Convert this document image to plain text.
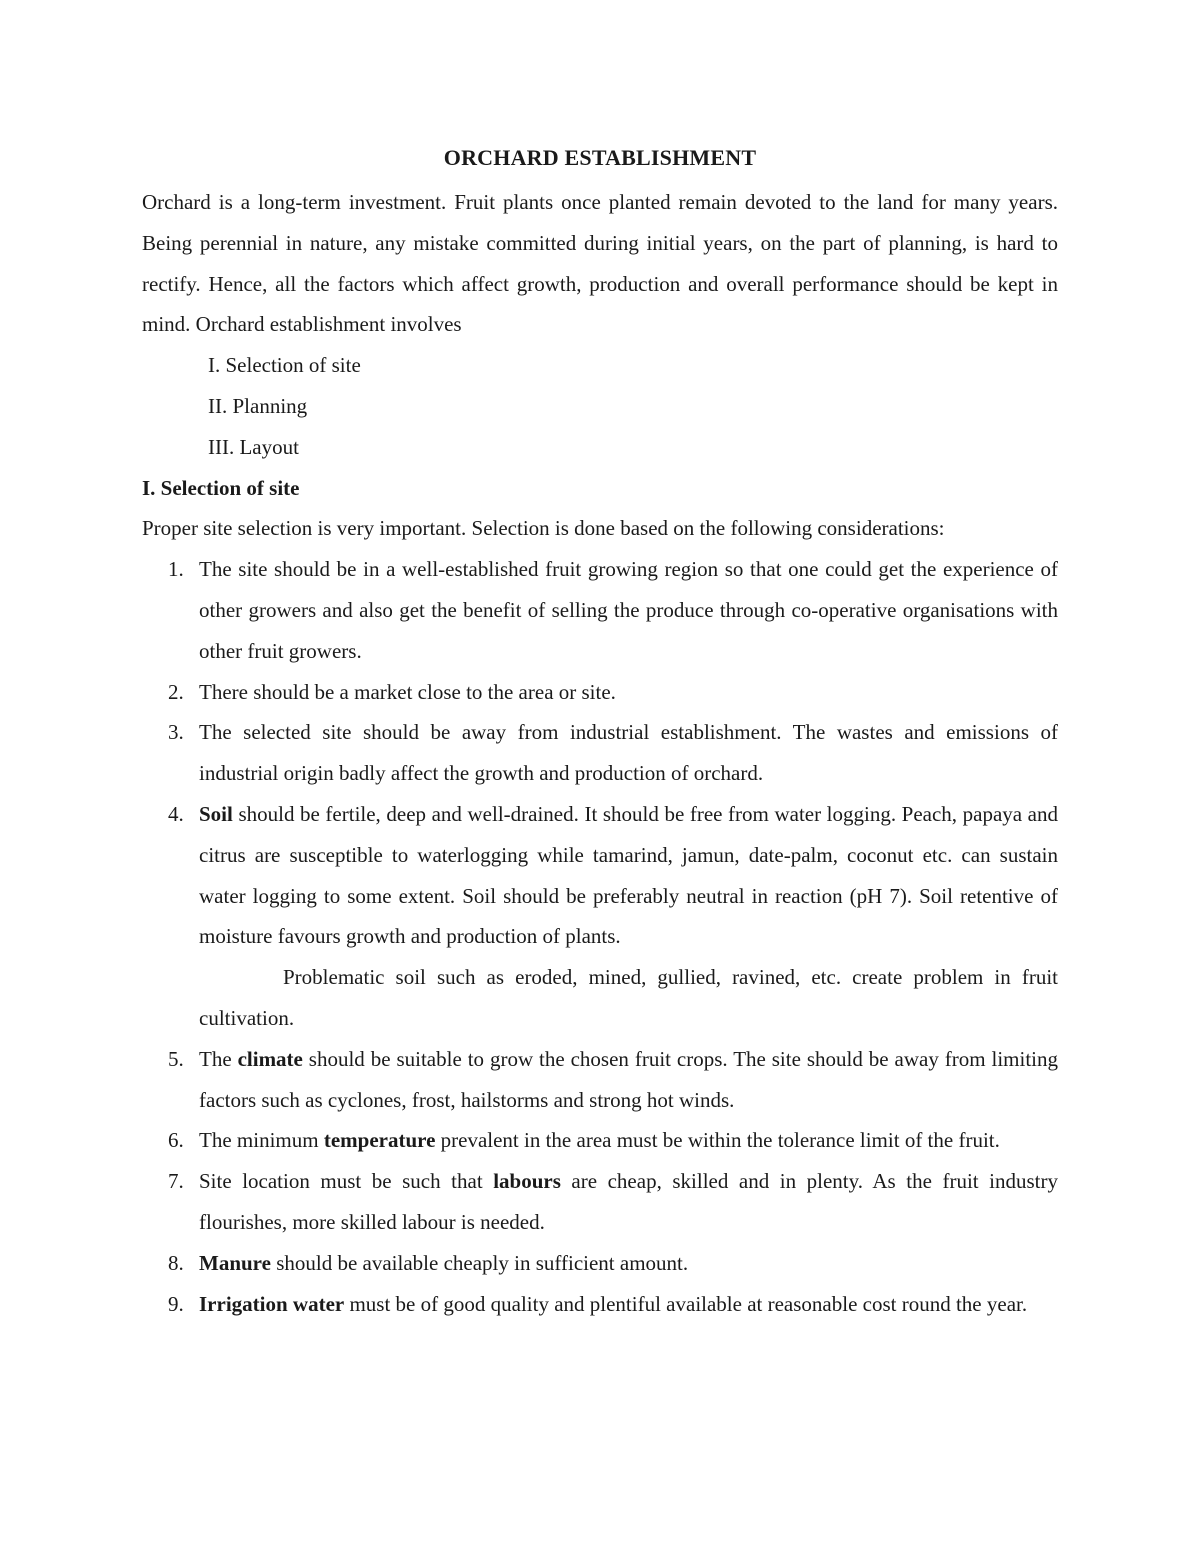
ORCHARD ESTABLISHMENT

Orchard is a long-term investment. Fruit plants once planted remain devoted to the land for many years. Being perennial in nature, any mistake committed during initial years, on the part of planning, is hard to rectify. Hence, all the factors which affect growth, production and overall performance should be kept in mind. Orchard establishment involves

I. Selection of site
II. Planning
III. Layout

I. Selection of site

Proper site selection is very important. Selection is done based on the following considerations:

1. The site should be in a well-established fruit growing region so that one could get the experience of other growers and also get the benefit of selling the produce through co-operative organisations with other fruit growers.
2. There should be a market close to the area or site.
3. The selected site should be away from industrial establishment. The wastes and emissions of industrial origin badly affect the growth and production of orchard.
4. Soil should be fertile, deep and well-drained. It should be free from water logging. Peach, papaya and citrus are susceptible to waterlogging while tamarind, jamun, date-palm, coconut etc. can sustain water logging to some extent. Soil should be preferably neutral in reaction (pH 7). Soil retentive of moisture favours growth and production of plants.
Problematic soil such as eroded, mined, gullied, ravined, etc. create problem in fruit cultivation.
5. The climate should be suitable to grow the chosen fruit crops. The site should be away from limiting factors such as cyclones, frost, hailstorms and strong hot winds.
6. The minimum temperature prevalent in the area must be within the tolerance limit of the fruit.
7. Site location must be such that labours are cheap, skilled and in plenty. As the fruit industry flourishes, more skilled labour is needed.
8. Manure should be available cheaply in sufficient amount.
9. Irrigation water must be of good quality and plentiful available at reasonable cost round the year.
